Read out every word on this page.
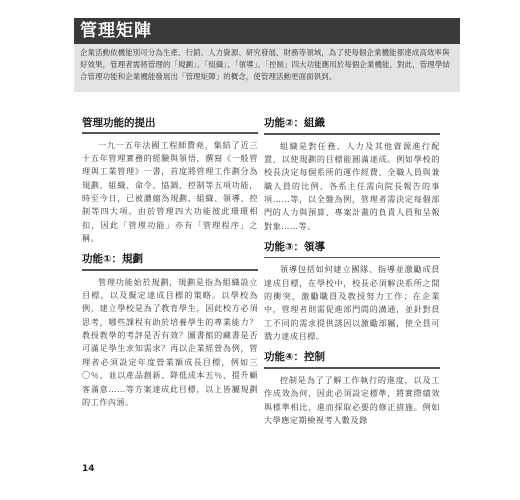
管理矩陣

企業活動依機能別可分為生產、行銷、人力資源、研究發展、財務等領域，為了使每個企業機能都達成高效率與好效果，管理者需將管理的「規劃」、「組織」、「領導」、「控制」四大功能應用於每個企業機能，對此，管理學結合管理功能和企業機能發展出「管理矩陣」的概念，使管理活動更面面俱到。

管理功能的提出

一九一五年法國工程師費堯，集結了近三十五年管理實務的經驗與領悟，撰寫《一般管理與工業管理》一書，首度將管理工作劃分為規劃、組織、命令、協調、控制等五項功能，時至今日，已被濃縮為規劃、組織、領導、控制等四大項。由於管理四大功能彼此環環相扣，因此「管理功能」亦有「管理程序」之稱。

功能①：規劃

管理功能始於規劃，規劃是指為組織設立目標，以及擬定達成目標的策略。以學校為例，建立學校是為了教育學生，因此校方必須思考，哪些課程有助於培養學生的專業能力？教授教學的考評是否有效？圖書館的藏書是否可滿足學生求知需求？再以企業經營為例，管理者必須設定年度營業額成長目標，例如三〇％，並以產品創新、降低成本五％、提升顧客滿意……等方案達成此目標，以上皆屬規劃的工作內涵。

功能②：組織

組織是對任務、人力及其他資源進行配置，以使規劃的目標能圓滿達成。例如學校的校長決定每個系所的運作經費、全職人員與兼職人員的比例、各系主任需向院長報告的事項……等，以全盤為例，管理者需決定每個部門的人力與預算、專案計畫的負責人員和呈報對象……等。

功能③：領導

領導包括如何建立團隊、指導並激勵成員達成目標，在學校中，校長必須解決系所之間的衝突，激勵職員及教授努力工作；在企業中，管理者則需促進部門間的溝通，並針對員工不同的需求提供誘因以激勵部屬，使全員可戮力達成目標。

功能④：控制

控制是為了了解工作執行的進度，以及工作成效為何，因此必須設定標準，將實際績效與標準相比，進而採取必要的修正措施。例如大學應定期檢視考人數及錄

14
